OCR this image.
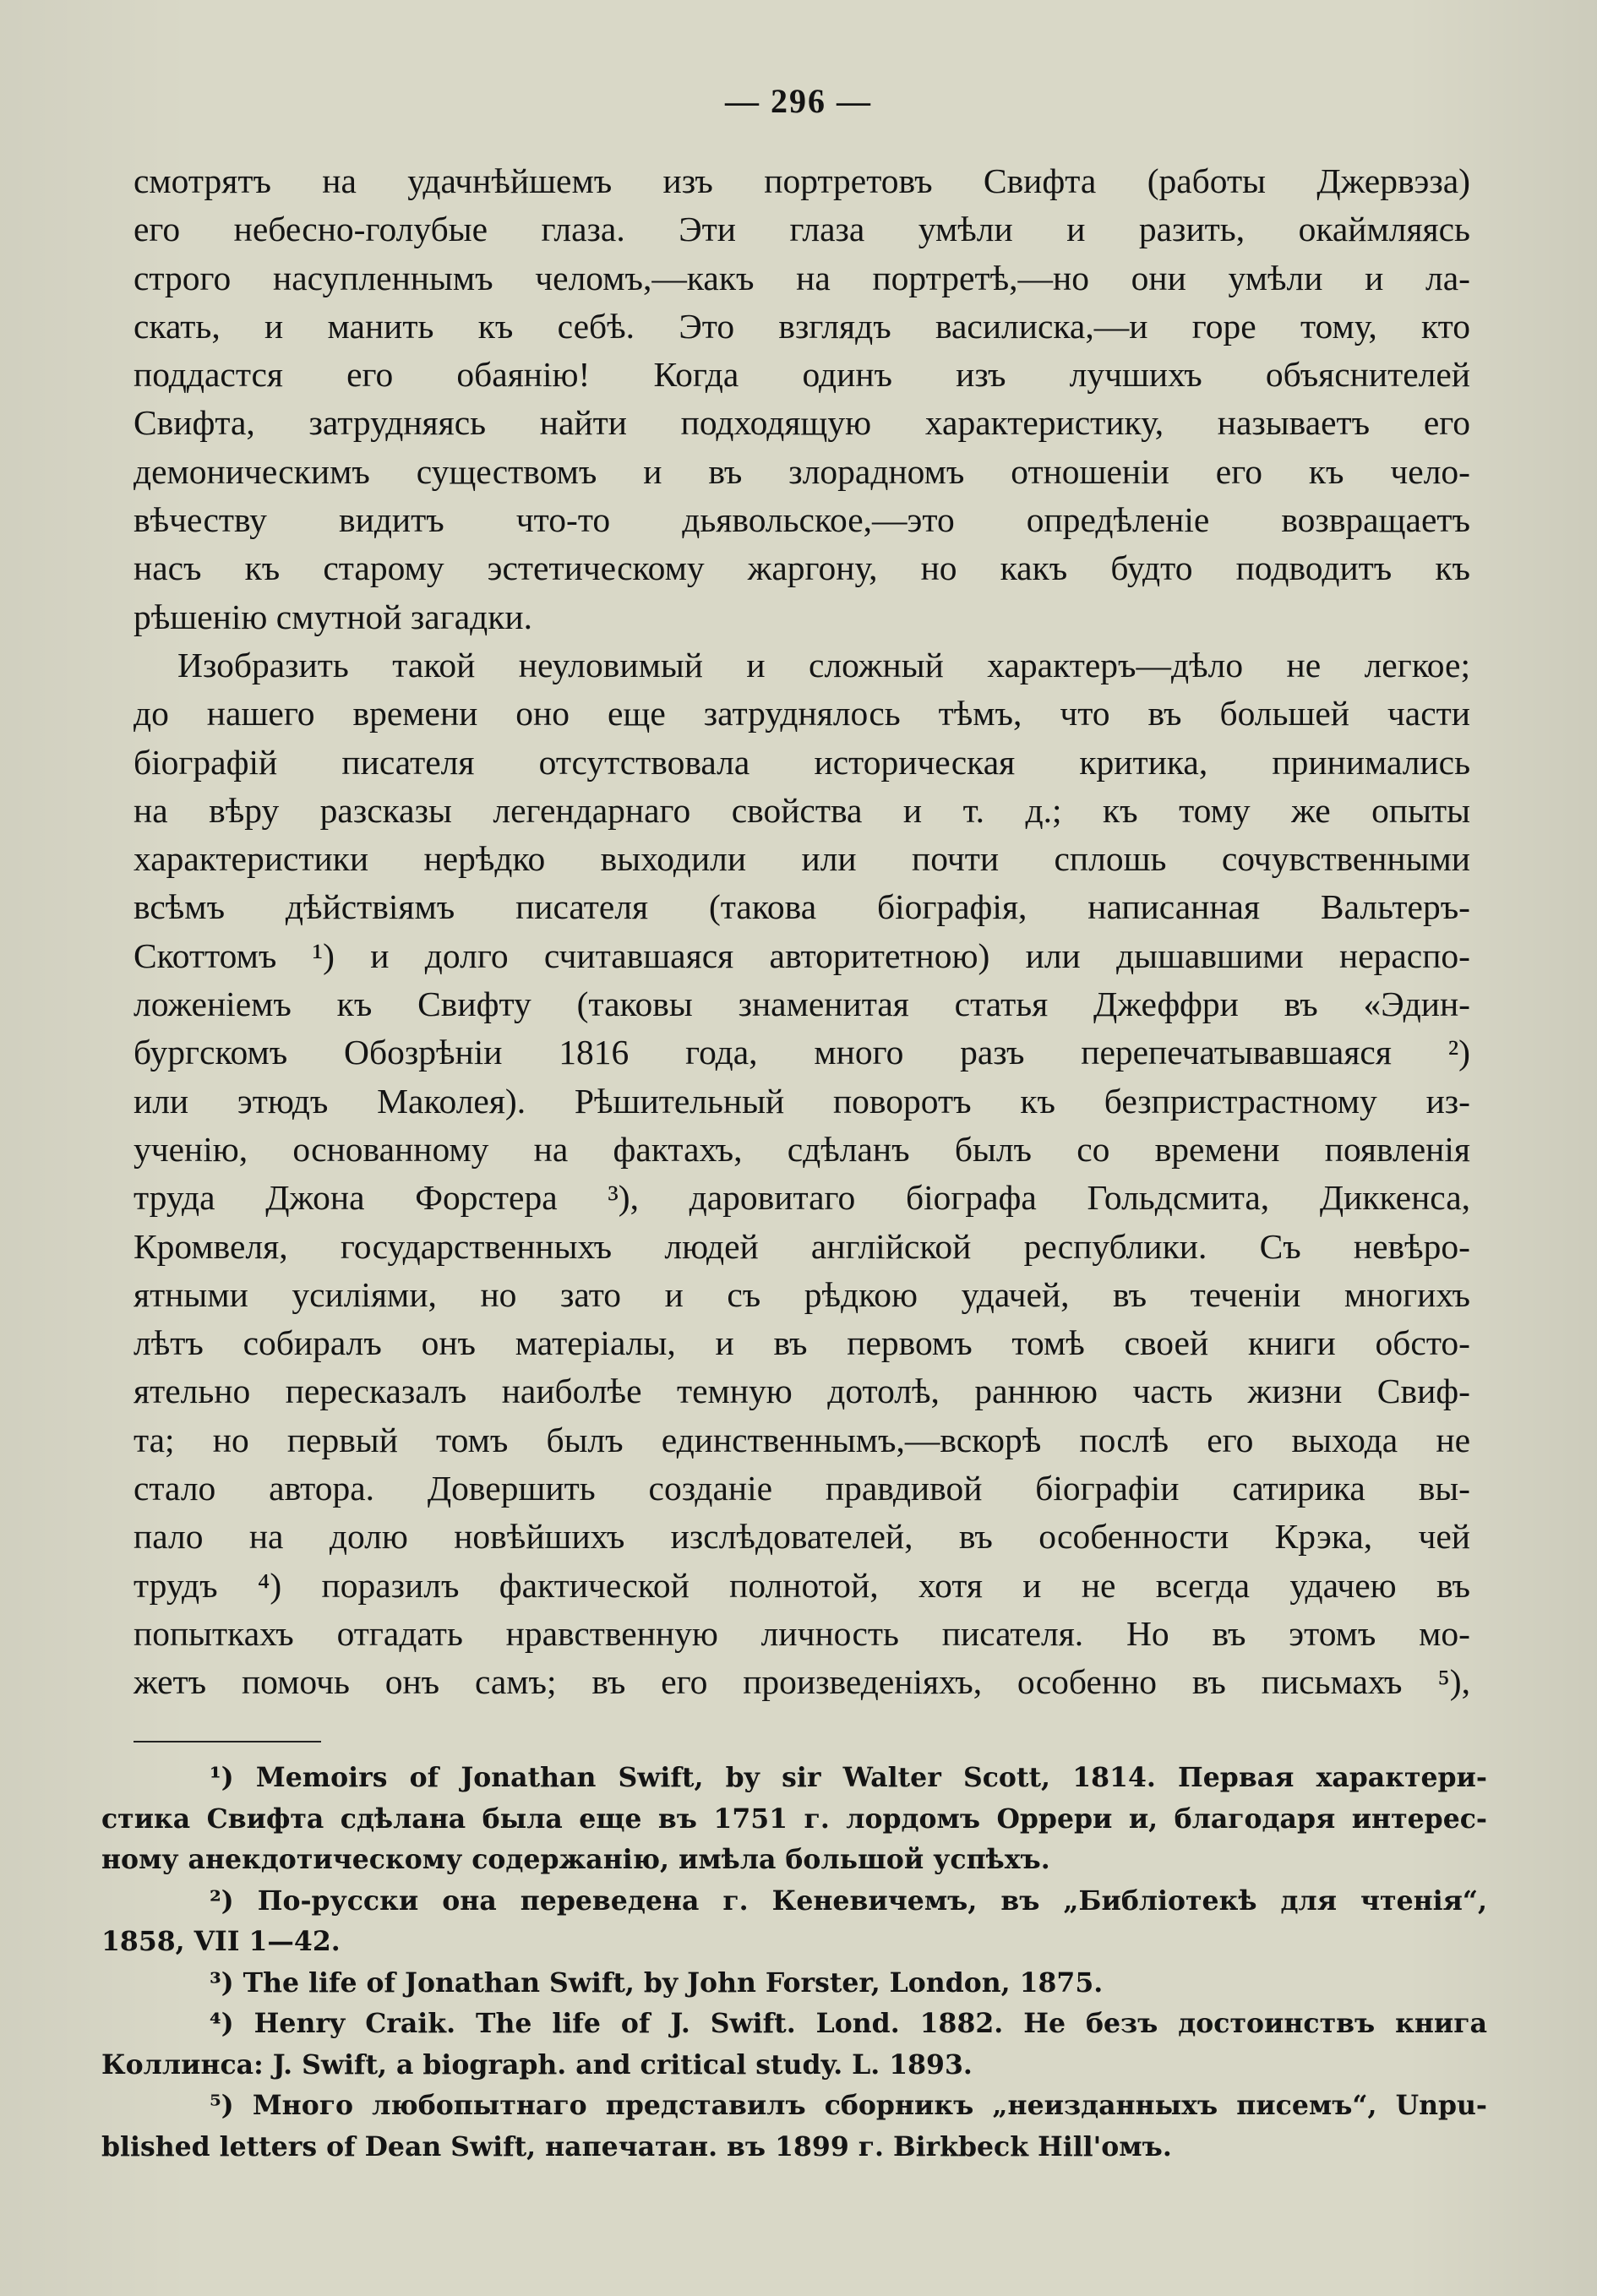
— 296 —
смотрятъ на удачнѣйшемъ изъ портретовъ Свифта (работы Джервэза)
его небесно-голубые глаза. Эти глаза умѣли и разить, окаймляясь
строго насупленнымъ челомъ,—какъ на портретѣ,—но они умѣли и ла-
скать, и манить къ себѣ. Это взглядъ василиска,—и горе тому, кто
поддастся его обаянію! Когда одинъ изъ лучшихъ объяснителей
Свифта, затрудняясь найти подходящую характеристику, называетъ его
демоническимъ существомъ и въ злорадномъ отношеніи его къ чело-
вѣчеству видитъ что-то дьявольское,—это опредѣленіе возвращаетъ
насъ къ старому эстетическому жаргону, но какъ будто подводитъ къ
рѣшенію смутной загадки.
Изобразить такой неуловимый и сложный характеръ—дѣло не легкое;
до нашего времени оно еще затруднялось тѣмъ, что въ большей части
біографій писателя отсутствовала историческая критика, принимались
на вѣру разсказы легендарнаго свойства и т. д.; къ тому же опыты
характеристики нерѣдко выходили или почти сплошь сочувственными
всѣмъ дѣйствіямъ писателя (такова біографія, написанная Вальтеръ-
Скоттомъ ¹) и долго считавшаяся авторитетною) или дышавшими нераспо-
ложеніемъ къ Свифту (таковы знаменитая статья Джеффри въ «Эдин-
бургскомъ Обозрѣніи 1816 года, много разъ перепечатывавшаяся ²)
или этюдъ Маколея). Рѣшительный поворотъ къ безпристрастному из-
ученію, основанному на фактахъ, сдѣланъ былъ со времени появленія
труда Джона Форстера ³), даровитаго біографа Гольдсмита, Диккенса,
Кромвеля, государственныхъ людей англійской республики. Съ невѣро-
ятными усиліями, но зато и съ рѣдкою удачей, въ теченіи многихъ
лѣтъ собиралъ онъ матеріалы, и въ первомъ томѣ своей книги обсто-
ятельно пересказалъ наиболѣе темную дотолѣ, раннюю часть жизни Свиф-
та; но первый томъ былъ единственнымъ,—вскорѣ послѣ его выхода не
стало автора. Довершить созданіе правдивой біографіи сатирика вы-
пало на долю новѣйшихъ изслѣдователей, въ особенности Крэка, чей
трудъ ⁴) поразилъ фактической полнотой, хотя и не всегда удачею въ
попыткахъ отгадать нравственную личность писателя. Но въ этомъ мо-
жетъ помочь онъ самъ; въ его произведеніяхъ, особенно въ письмахъ ⁵),
¹) Memoirs of Jonathan Swift, by sir Walter Scott, 1814. Первая характери-
стика Свифта сдѣлана была еще въ 1751 г. лордомъ Оррери и, благодаря интерес-
ному анекдотическому содержанію, имѣла большой успѣхъ.
²) По-русски она переведена г. Кеневичемъ, въ „Библіотекѣ для чтенія“,
1858, VII 1—42.
³) The life of Jonathan Swift, by John Forster, London, 1875.
⁴) Henry Craik. The life of J. Swift. Lond. 1882. Не безъ достоинствъ книга
Коллинса: J. Swift, a biograph. and critical study. L. 1893.
⁵) Много любопытнаго представилъ сборникъ „неизданныхъ писемъ“, Unpu-
blished letters of Dean Swift, напечатан. въ 1899 г. Birkbeck Hill'омъ.
